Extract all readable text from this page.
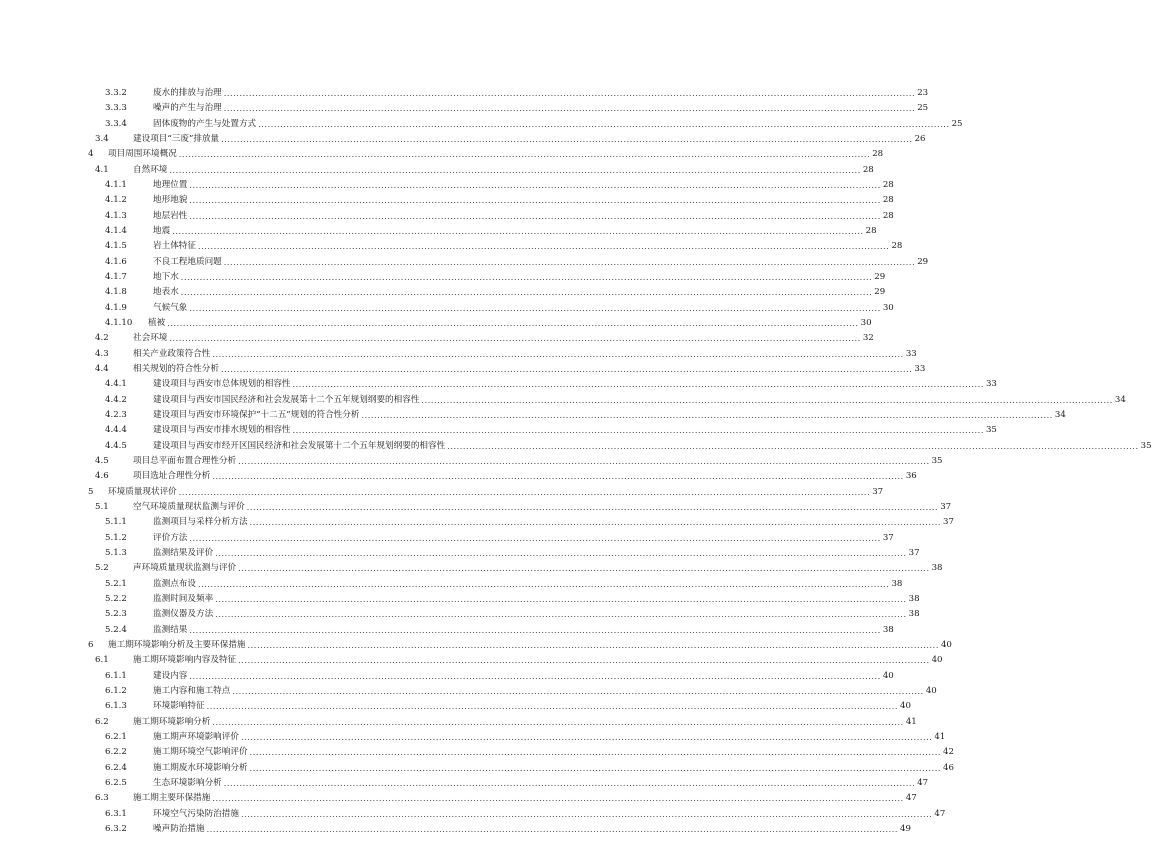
3.3.2	废水的排放与治理 ............................................................................................................................................................................................................................ 23
3.3.3	噪声的产生与治理 ............................................................................................................................................................................................................................ 25
3.3.4	固体废物的产生与处置方式 ............................................................................................................................................................................................................................ 25
3.4	建设项目“三废”排放量 ............................................................................................................................................................................................................................ 26
4	项目周围环境概况 ............................................................................................................................................................................................................................ 28
4.1	自然环境 ............................................................................................................................................................................................................................ 28
4.1.1	地理位置 ............................................................................................................................................................................................................................ 28
4.1.2	地形地貌 ............................................................................................................................................................................................................................ 28
4.1.3	地层岩性 ............................................................................................................................................................................................................................ 28
4.1.4	地震 ............................................................................................................................................................................................................................ 28
4.1.5	岩土体特征 ............................................................................................................................................................................................................................ 28
4.1.6	不良工程地质问题 ............................................................................................................................................................................................................................ 29
4.1.7	地下水 ............................................................................................................................................................................................................................ 29
4.1.8	地表水 ............................................................................................................................................................................................................................ 29
4.1.9	气候气象 ............................................................................................................................................................................................................................ 30
4.1.10	植被 ............................................................................................................................................................................................................................ 30
4.2	社会环境 ............................................................................................................................................................................................................................ 32
4.3	相关产业政策符合性 ............................................................................................................................................................................................................................ 33
4.4	相关规划的符合性分析 ............................................................................................................................................................................................................................ 33
4.4.1	建设项目与西安市总体规划的相容性 ............................................................................................................................................................................................................................ 33
4.4.2	建设项目与西安市国民经济和社会发展第十二个五年规划纲要的相容性 ............................................................................................................................................................................................................................ 34
4.2.3	建设项目与西安市环境保护“十二五”规划的符合性分析 ............................................................................................................................................................................................................................ 34
4.4.4	建设项目与西安市排水规划的相容性 ............................................................................................................................................................................................................................ 35
4.4.5	建设项目与西安市经开区国民经济和社会发展第十二个五年规划纲要的相容性 ............................................................................................................................................................................................................................ 35
4.5	项目总平面布置合理性分析 ............................................................................................................................................................................................................................ 35
4.6	项目选址合理性分析 ............................................................................................................................................................................................................................ 36
5	环境质量现状评价 ............................................................................................................................................................................................................................ 37
5.1	空气环境质量现状监测与评价 ............................................................................................................................................................................................................................ 37
5.1.1	监测项目与采样分析方法 ............................................................................................................................................................................................................................ 37
5.1.2	评价方法 ............................................................................................................................................................................................................................ 37
5.1.3	监测结果及评价 ............................................................................................................................................................................................................................ 37
5.2	声环境质量现状监测与评价 ............................................................................................................................................................................................................................ 38
5.2.1	监测点布设 ............................................................................................................................................................................................................................ 38
5.2.2	监测时间及频率 ............................................................................................................................................................................................................................ 38
5.2.3	监测仪器及方法 ............................................................................................................................................................................................................................ 38
5.2.4	监测结果 ............................................................................................................................................................................................................................ 38
6	施工期环境影响分析及主要环保措施 ............................................................................................................................................................................................................................ 40
6.1	施工期环境影响内容及特征 ............................................................................................................................................................................................................................ 40
6.1.1	建设内容 ............................................................................................................................................................................................................................ 40
6.1.2	施工内容和施工特点 ............................................................................................................................................................................................................................ 40
6.1.3	环境影响特征 ............................................................................................................................................................................................................................ 40
6.2	施工期环境影响分析 ............................................................................................................................................................................................................................ 41
6.2.1	施工期声环境影响评价 ............................................................................................................................................................................................................................ 41
6.2.2	施工期环境空气影响评价 ............................................................................................................................................................................................................................ 42
6.2.4	施工期废水环境影响分析 ............................................................................................................................................................................................................................ 46
6.2.5	生态环境影响分析 ............................................................................................................................................................................................................................ 47
6.3	施工期主要环保措施 ............................................................................................................................................................................................................................ 47
6.3.1	环境空气污染防治措施 ............................................................................................................................................................................................................................ 47
6.3.2	噪声防治措施 ............................................................................................................................................................................................................................ 49
